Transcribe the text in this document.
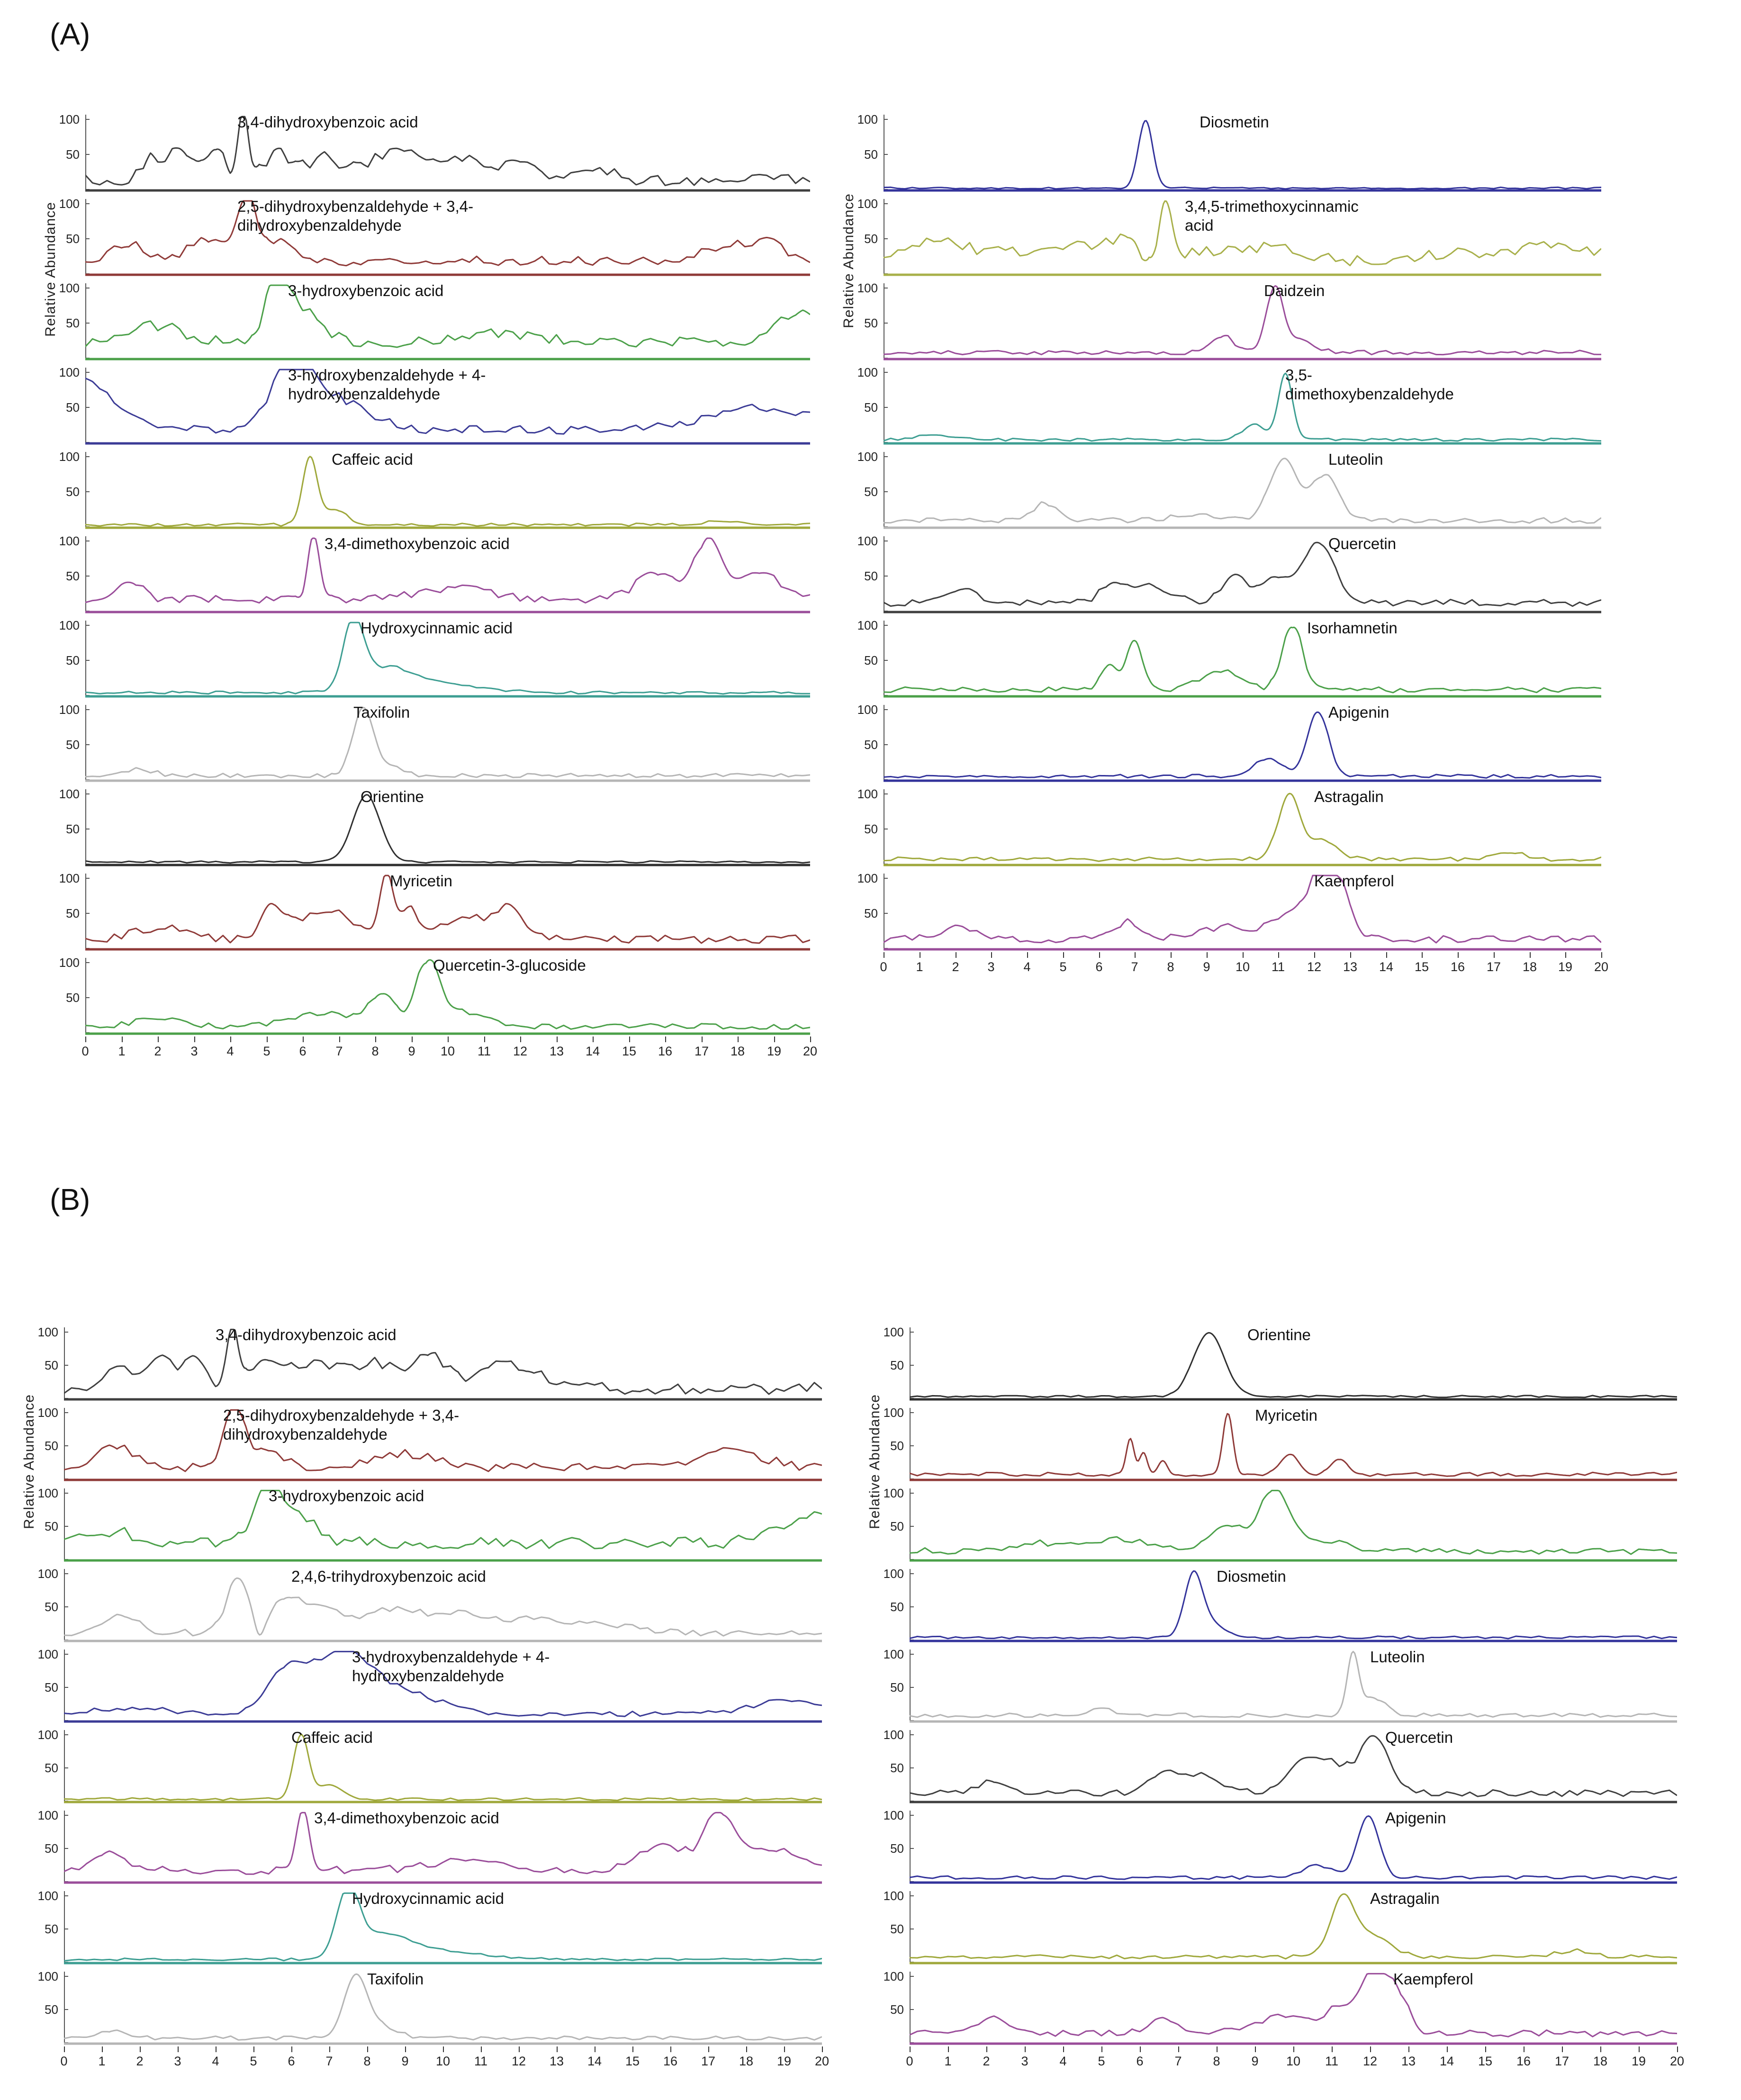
(A)
(B)
Relative Abundance
100
50
3,4-dihydroxybenzoic acid
100
50
2,5-dihydroxybenzaldehyde + 3,4-dihydroxybenzaldehyde
100
50
3-hydroxybenzoic acid
100
50
3-hydroxybenzaldehyde + 4-hydroxybenzaldehyde
100
50
Caffeic acid
100
50
3,4-dimethoxybenzoic acid
100
50
Hydroxycinnamic acid
100
50
Taxifolin
100
50
Orientine
100
50
Myricetin
100
50
Quercetin-3-glucoside
0 1 2 3 4 5 6 7 8 9 10 11 12 13 14 15 16 17 18 19 20
Relative Abundance
100
50
Diosmetin
100
50
3,4,5-trimethoxycinnamic acid
100
50
Daidzein
100
50
3,5-dimethoxybenzaldehyde
100
50
Luteolin
100
50
Quercetin
100
50
Isorhamnetin
100
50
Apigenin
100
50
Astragalin
100
50
Kaempferol
0 1 2 3 4 5 6 7 8 9 10 11 12 13 14 15 16 17 18 19 20
Relative Abundance
100
50
3,4-dihydroxybenzoic acid
100
50
2,5-dihydroxybenzaldehyde + 3,4-dihydroxybenzaldehyde
100
50
3-hydroxybenzoic acid
100
50
2,4,6-trihydroxybenzoic acid
100
50
3-hydroxybenzaldehyde + 4-hydroxybenzaldehyde
100
50
Caffeic acid
100
50
3,4-dimethoxybenzoic acid
100
50
Hydroxycinnamic acid
100
50
Taxifolin
0 1 2 3 4 5 6 7 8 9 10 11 12 13 14 15 16 17 18 19 20
Relative Abundance
100
50
Orientine
100
50
Myricetin
100
50
100
50
Diosmetin
100
50
Luteolin
100
50
Quercetin
100
50
Apigenin
100
50
Astragalin
100
50
Kaempferol
0 1 2 3 4 5 6 7 8 9 10 11 12 13 14 15 16 17 18 19 20
